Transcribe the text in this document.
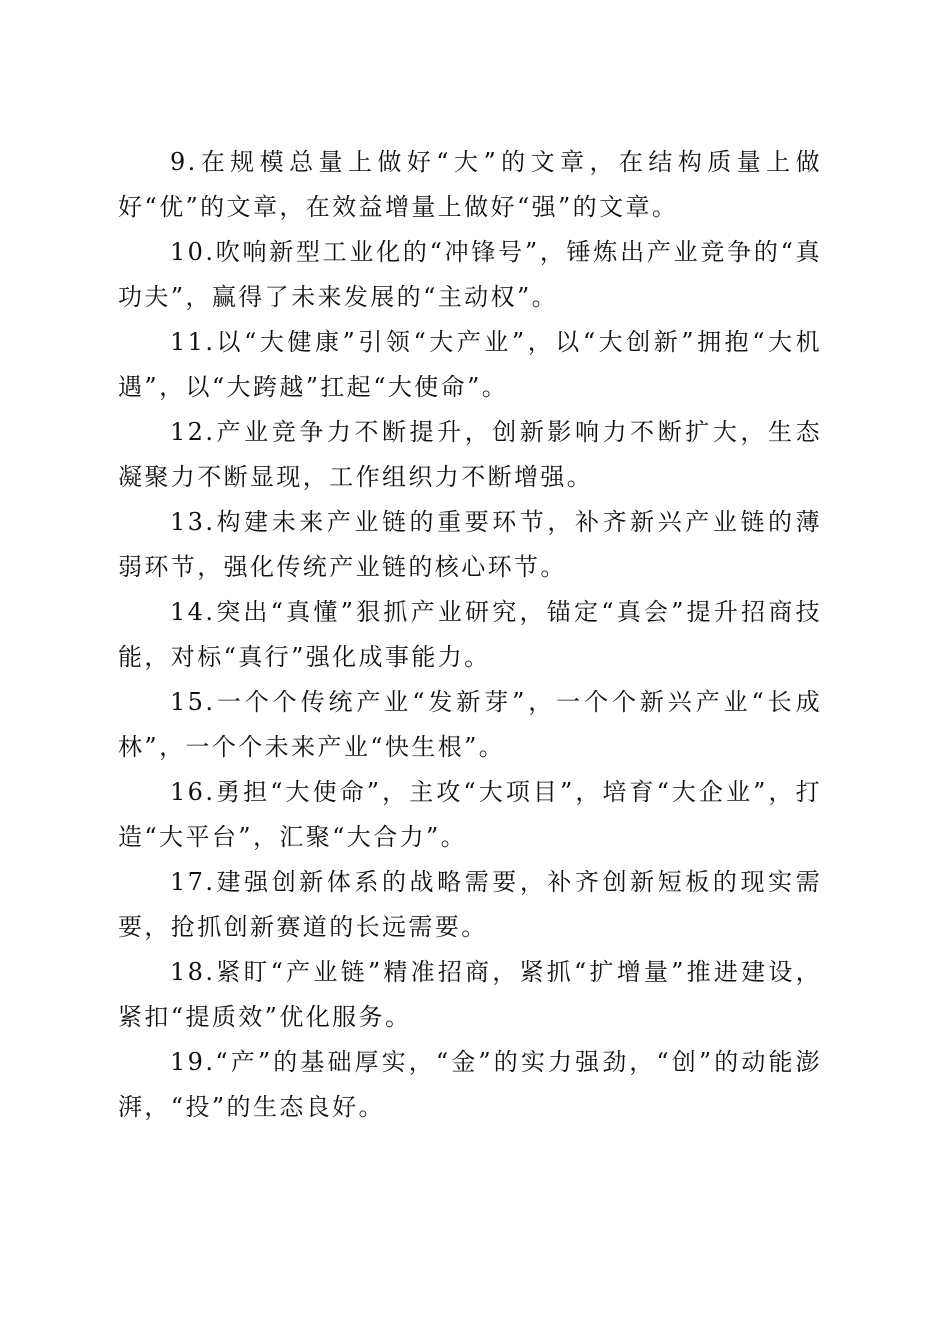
9.在规模总量上做好“大”的文章，在结构质量上做好“优”的文章，在效益增量上做好“强”的文章。

10.吹响新型工业化的“冲锋号”，锤炼出产业竞争的“真功夫”，赢得了未来发展的“主动权”。

11.以“大健康”引领“大产业”，以“大创新”拥抱“大机遇”，以“大跨越”扛起“大使命”。

12.产业竞争力不断提升，创新影响力不断扩大，生态凝聚力不断显现，工作组织力不断增强。

13.构建未来产业链的重要环节，补齐新兴产业链的薄弱环节，强化传统产业链的核心环节。

14.突出“真懂”狠抓产业研究，锚定“真会”提升招商技能，对标“真行”强化成事能力。

15.一个个传统产业“发新芽”，一个个新兴产业“长成林”，一个个未来产业“快生根”。

16.勇担“大使命”，主攻“大项目”，培育“大企业”，打造“大平台”，汇聚“大合力”。

17.建强创新体系的战略需要，补齐创新短板的现实需要，抢抓创新赛道的长远需要。

18.紧盯“产业链”精准招商，紧抓“扩增量”推进建设，紧扣“提质效”优化服务。

19.“产”的基础厚实，“金”的实力强劲，“创”的动能澎湃，“投”的生态良好。
